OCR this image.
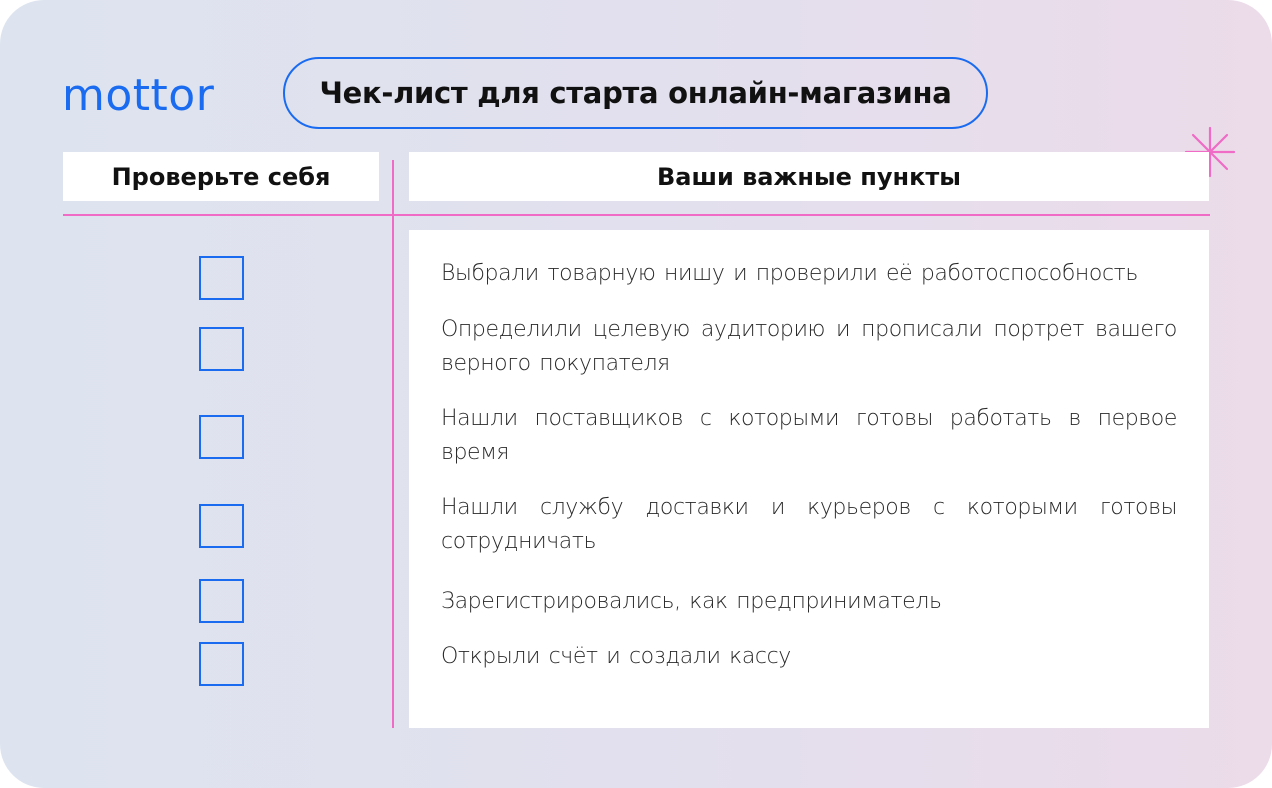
mottor	Чек-лист для старта онлайн-магазина
Проверьте себя	Ваши важные пункты
Выбрали товарную нишу и проверили её работоспособность
Определили целевую аудиторию и прописали портрет вашего верного покупателя
Нашли поставщиков с которыми готовы работать в первое время
Нашли службу доставки и курьеров с которыми готовы сотрудничать
Зарегистрировались, как предприниматель
Открыли счёт и создали кассу
